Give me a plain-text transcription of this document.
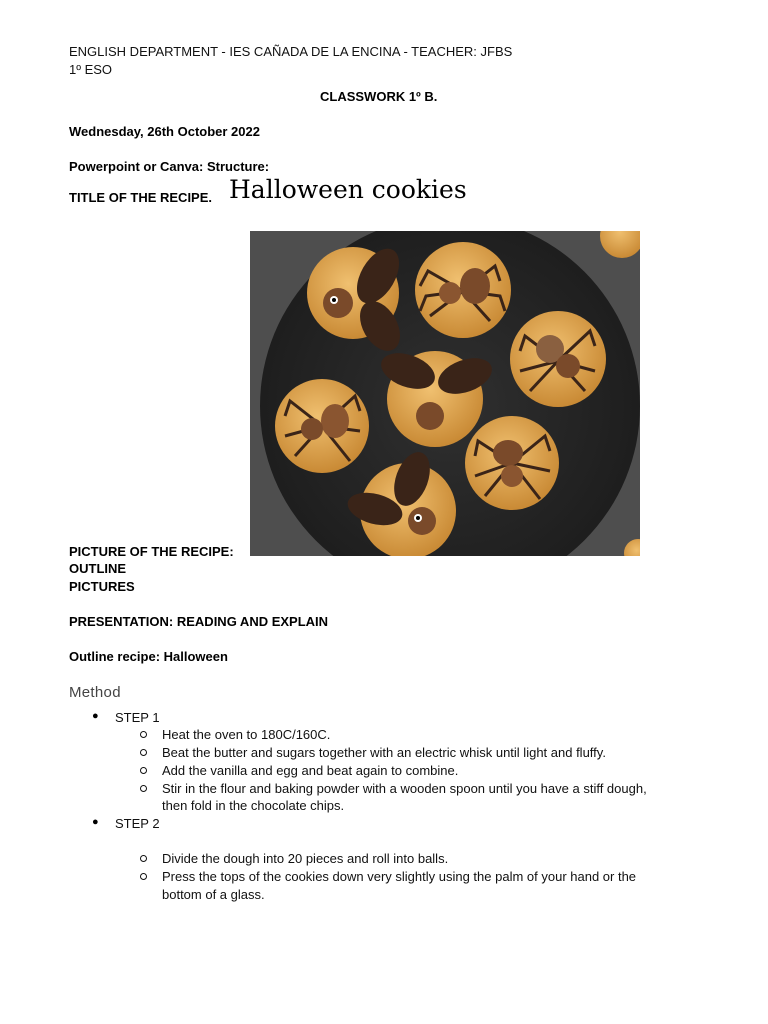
ENGLISH DEPARTMENT - IES CAÑADA DE LA ENCINA - TEACHER: JFBS
1º ESO
CLASSWORK 1º B.
Wednesday, 26th October 2022
Powerpoint or Canva: Structure:
TITLE OF THE RECIPE. Halloween cookies
PICTURE OF THE RECIPE:
OUTLINE
PICTURES
PRESENTATION: READING AND EXPLAIN
Outline recipe: Halloween
Method
● STEP 1
Heat the oven to 180C/160C.
Beat the butter and sugars together with an electric whisk until light and fluffy.
Add the vanilla and egg and beat again to combine.
Stir in the flour and baking powder with a wooden spoon until you have a stiff dough,
then fold in the chocolate chips.
● STEP 2
Divide the dough into 20 pieces and roll into balls.
Press the tops of the cookies down very slightly using the palm of your hand or the
bottom of a glass.
